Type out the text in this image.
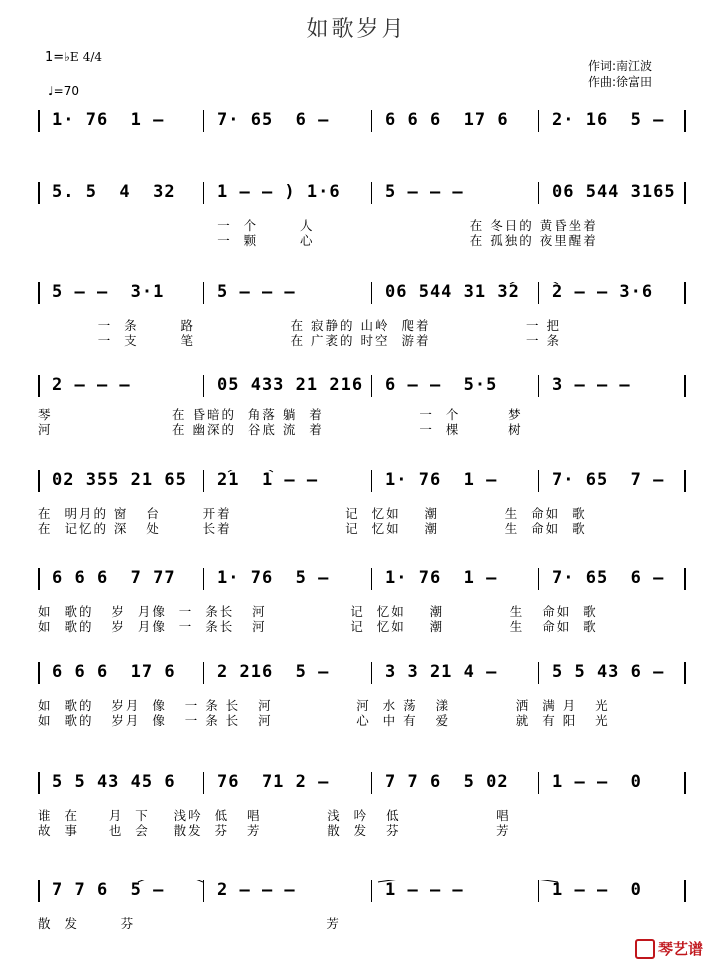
如歌岁月
1=♭E 4/4
♩=70
作词:南江波
作曲:徐富田
1· 76  1 –	7· 65  6 –	6 6 6  17 6	2· 16  5 –
5. 5  4  32 1 – – ) 1·6	5 – – –	06 544 3165
一  个       人                          在 冬日的 黄昏坐着
一  颗       心                          在 孤独的 夜里醒着
5 – –  3·1	5 – – –	06 544 31 32 2 – – 3·6
一  条       路                在 寂静的 山岭  爬着                一 把
一  支       笔                在 广袤的 时空  游着                一 条
2 – – –	05 433 21 216 6 – –  5·5	3 – – –
琴                    在 昏暗的  角落 躺  着                一  个        梦
河                    在 幽深的  谷底 流  着                一  棵        树
02 355 21 65 21  1 – –	1· 76  1 –	7· 65  7 –
在  明月的 窗   台       开着                   记  忆如    潮           生  命如  歌
在  记忆的 深   处       长着                   记  忆如    潮           生  命如  歌
6 6 6  7 77 1· 76  5 –	1· 76  1 –	7· 65  6 –
如  歌的   岁  月像  一  条长   河              记  忆如    潮           生   命如  歌
如  歌的   岁  月像  一  条长   河              记  忆如    潮           生   命如  歌
6 6 6  17 6 2 216  5 –	3 3 21 4 –	5 5 43 6 –
如  歌的   岁月  像   一 条 长   河              河  水 荡   漾           洒  满 月   光
如  歌的   岁月  像   一 条 长   河              心  中 有   爱           就  有 阳   光
5 5 43 45 6 76  71 2 –	7 7 6  5 02	1 – –  0
谁  在     月  下    浅吟  低   唱           浅  吟   低                唱
故  事     也  会    散发  芬   芳           散  发   芬                芳
7 7 6  5 –	2 – – –	1 – – –	1 – –  0
散  发       芬                                芳
琴艺谱
